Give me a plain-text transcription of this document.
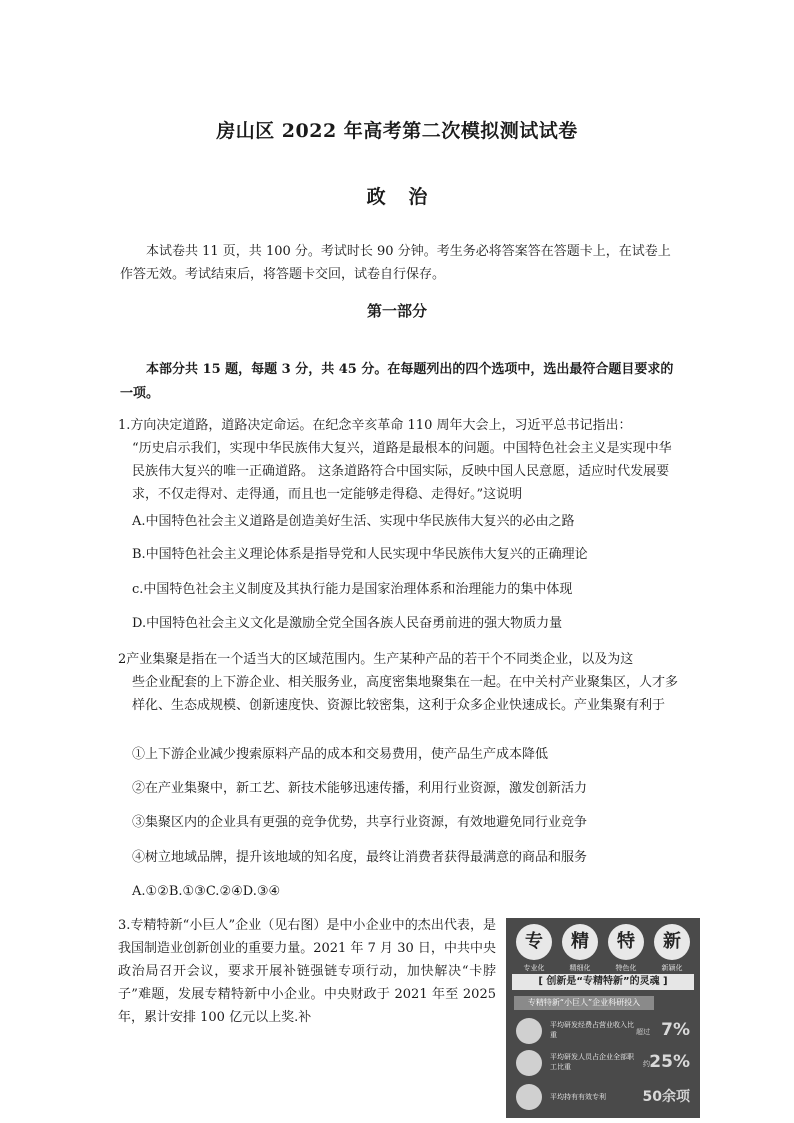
房山区 2022 年高考第二次模拟测试试卷
政 治
本试卷共 11 页，共 100 分。考试时长 90 分钟。考生务必将答案答在答题卡上，在试卷上作答无效。考试结束后，将答题卡交回，试卷自行保存。
第一部分
本部分共 15 题，每题 3 分，共 45 分。在每题列出的四个选项中，选出最符合题目要求的一项。
1.方向决定道路，道路决定命运。在纪念辛亥革命 110 周年大会上，习近平总书记指出：
“历史启示我们，实现中华民族伟大复兴，道路是最根本的问题。中国特色社会主义是实现中华民族伟大复兴的唯一正确道路。 这条道路符合中国实际，反映中国人民意愿，适应时代发展要求，不仅走得对、走得通，而且也一定能够走得稳、走得好。”这说明
A.中国特色社会主义道路是创造美好生活、实现中华民族伟大复兴的必由之路
B.中国特色社会主义理论体系是指导党和人民实现中华民族伟大复兴的正确理论
c.中国特色社会主义制度及其执行能力是国家治理体系和治理能力的集中体现
D.中国特色社会主义文化是激励全党全国各族人民奋勇前进的强大物质力量
2产业集聚是指在一个适当大的区域范围内。生产某种产品的若干个不同类企业，以及为这
些企业配套的上下游企业、相关服务业，高度密集地聚集在一起。在中关村产业聚集区，人才多样化、生态成规模、创新速度快、资源比较密集，这利于众多企业快速成长。产业集聚有利于
①上下游企业减少搜索原料产品的成本和交易费用，使产品生产成本降低
②在产业集聚中，新工艺、新技术能够迅速传播，利用行业资源，激发创新活力
③集聚区内的企业具有更强的竞争优势，共享行业资源，有效地避免同行业竞争
④树立地域品牌，提升该地域的知名度，最终让消费者获得最满意的商品和服务
A.①②B.①③C.②④D.③④
3.专精特新“小巨人”企业（见右图）是中小企业中的杰出代表，是我国制造业创新创业的重要力量。2021 年 7 月 30 日，中共中央政治局召开会议，要求开展补链强链专项行动，加快解决“卡脖子”难题，发展专精特新中小企业。中央财政于 2021 年至 2025 年，累计安排 100 亿元以上奖.补
专	精	特	新
专业化	精细化	特色化	新颖化
[ 创新是“专精特新”的灵魂 ]
专精特新“小巨人”企业科研投入
平均研发经费占营业收入比重	超过 7%
平均研发人员占企业全部职工比重	约 25%
平均持有有效专利	50余项
